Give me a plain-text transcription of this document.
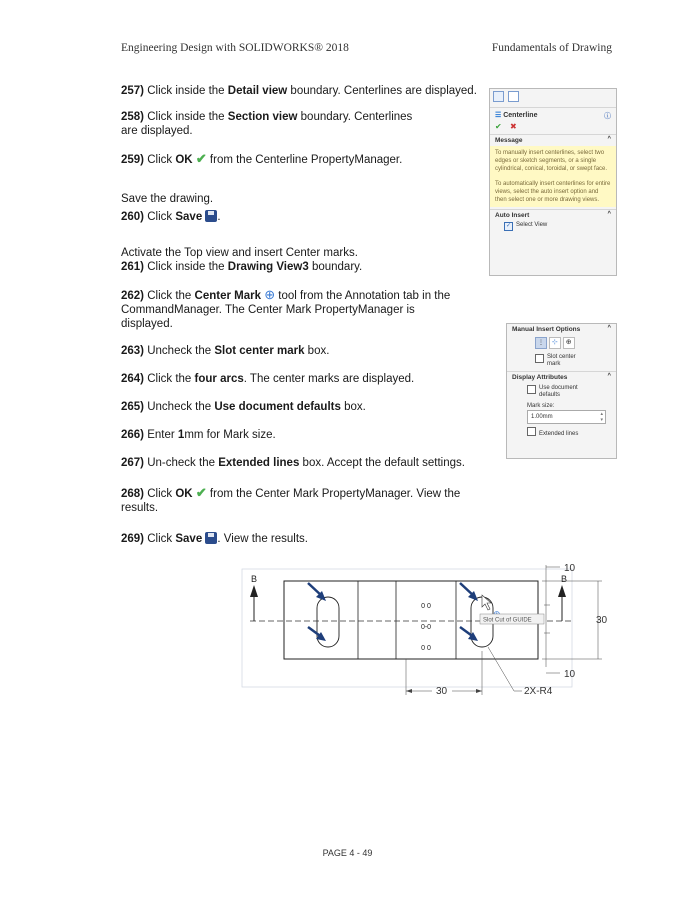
Engineering Design with SOLIDWORKS® 2018	Fundamentals of Drawing
257) Click inside the Detail view boundary. Centerlines are displayed.
258) Click inside the Section view boundary. Centerlines are displayed.
259) Click OK ✔ from the Centerline PropertyManager.
Save the drawing.
260) Click Save .
Activate the Top view and insert Center marks.
261) Click inside the Drawing View3 boundary.
262) Click the Center Mark ⊕ tool from the Annotation tab in the CommandManager. The Center Mark PropertyManager is displayed.
263) Uncheck the Slot center mark box.
264) Click the four arcs. The center marks are displayed.
265) Uncheck the Use document defaults box.
266) Enter 1mm for Mark size.
267) Un-check the Extended lines box. Accept the default settings.
268) Click OK ✔ from the Center Mark PropertyManager. View the results.
269) Click Save . View the results.

☰ Centerline	ⓘ
✔ ✖
Message	^
To manually insert centerlines, select two edges or sketch segments, or a single cylindrical, conical, toroidal, or swept face.
To automatically insert centerlines for entire views, select the auto insert option and then select one or more drawing views.
Auto Insert	^
✓ Select View
Manual Insert Options	^
⋮ ⊹ ⊕
Slot center mark
Display Attributes	^
Use document defaults
Mark size:
1.00mm	▴
▾
Extended lines
0 0
0-0
0 0
B	B
Slot Cut of GUIDE	30
10
10
30	2X-R4
PAGE 4 - 49
